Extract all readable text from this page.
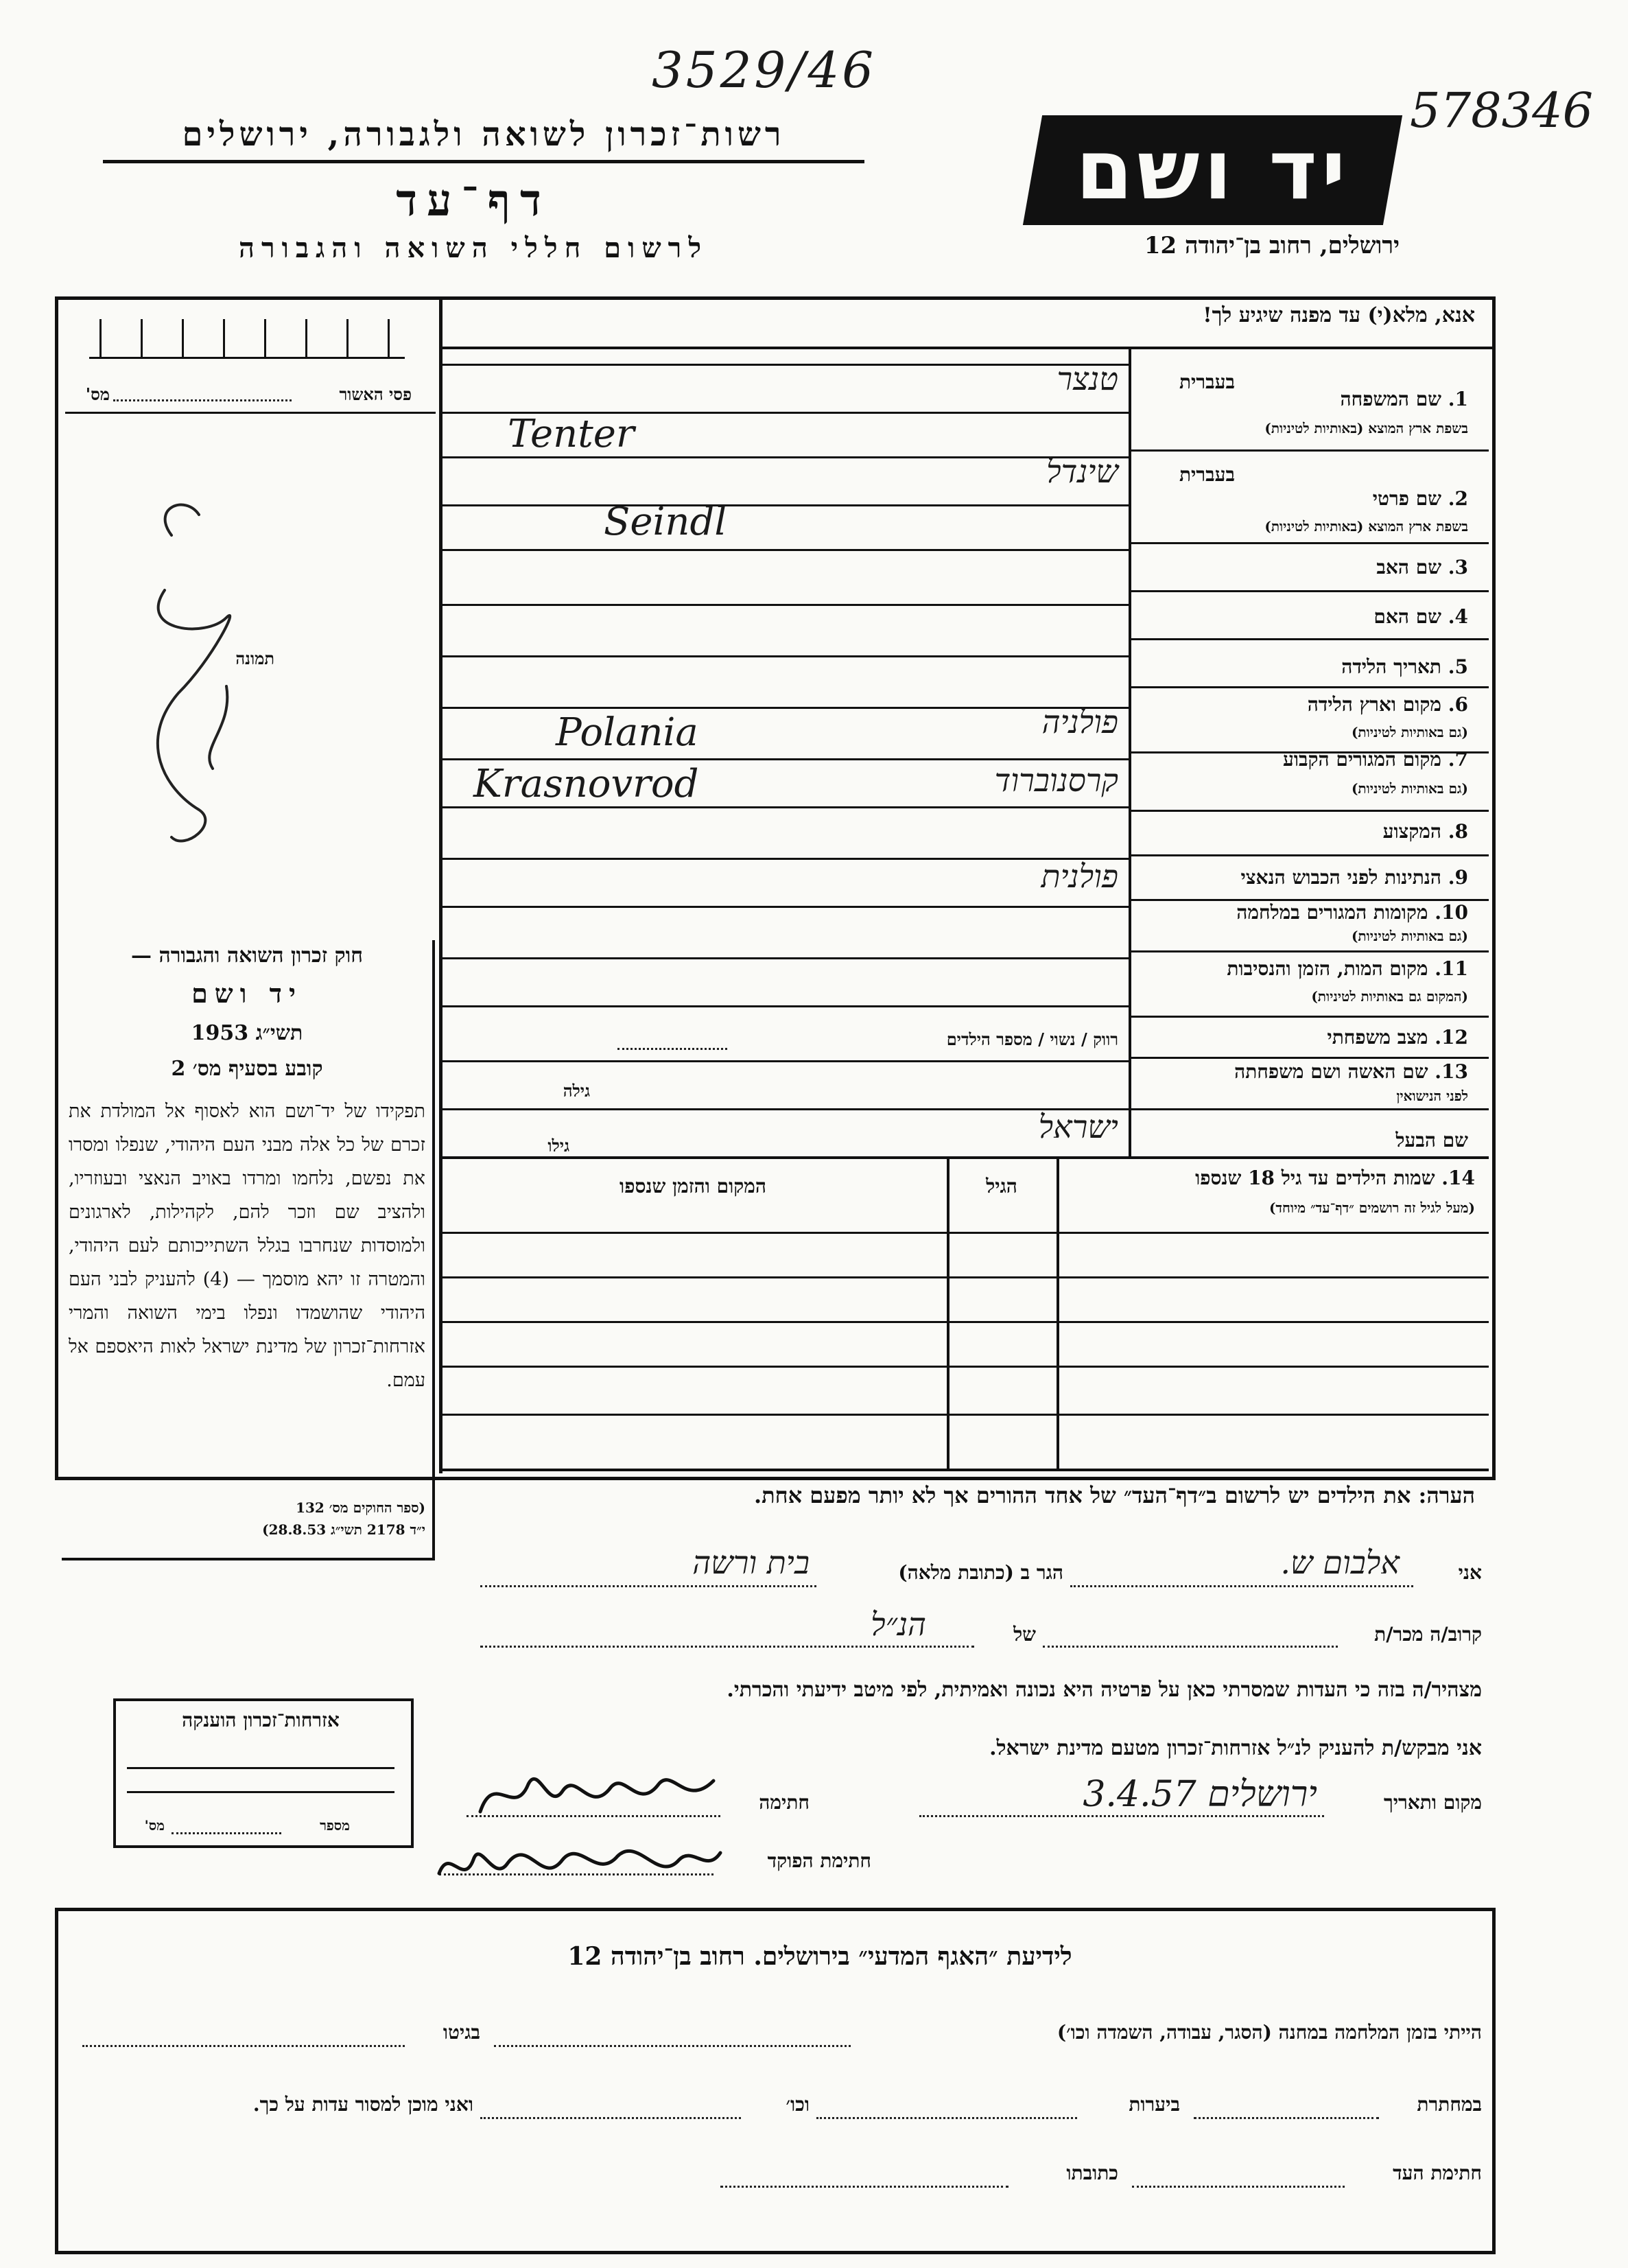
3529/46
578346
רשות־זכרון לשואה ולגבורה, ירושלים
דף־עד
לרשום חללי השואה והגבורה
יד ושם
ירושלים, רחוב בן־יהודה 12
אנא, מלא(י) עד מפנה שיגיע לך!
פסי האשור
מס'
תמונה
1. שם המשפחה
בשפת ארץ המוצא (באותיות לטיניות)
בעברית
2. שם פרטי
בשפת ארץ המוצא (באותיות לטיניות)
בעברית
3. שם האב
4. שם האם
5. תאריך הלידה
6. מקום וארץ הלידה
(גם באותיות לטיניות)
7. מקום המגורים הקבוע
(גם באותיות לטיניות)
8. המקצוע
9. הנתינות לפני הכבוש הנאצי
10. מקומות המגורים במלחמה
(גם באותיות לטיניות)
11. מקום המות, הזמן והנסיבות
(המקום גם באותיות לטיניות)
12. מצב משפחתי
13. שם האשה ושם משפחתה
לפני הנישואין
שם הבעל
טנצר
Tenter
שינדל
Seindl
פולניה
Polania
קרסנוברוד
Krasnovrod
פולנית
רווק / נשוי / מספר הילדים
גילה
גילו
ישראל
14. שמות הילדים עד גיל 18 שנספו
(מעל לגיל זה רושמים ״דף־עד״ מיוחד)
הגיל
המקום והזמן שנספו
הערה: את הילדים יש לרשום ב״דף־העד״ של אחד ההורים אך לא יותר מפעם אחת.
חוק זכרון השואה והגבורה —
יד ושם
תשי״ג 1953
קובע בסעיף מס׳ 2
תפקידו של יד־ושם הוא לאסוף אל המולדת את זכרם של כל אלה מבני העם היהודי, שנפלו ומסרו את נפשם, נלחמו ומרדו באויב הנאצי ובעוזריו, ולהציב שם וזכר להם, לקהילות, לארגונים ולמוסדות שנחרבו בגלל השתייכותם לעם היהודי, והמטרה זו יהא מוסמך — (4) להעניק לבני העם היהודי שהושמדו ונפלו בימי השואה והמרי אזרחות־זכרון של מדינת ישראל לאות היאספם אל עמם.
(ספר החוקים מס׳ 132
י״ד 2178 תשי״ג 28.8.53)
אני
אלבום ש.
הגר ב (כתובת מלאה)
בית ורשה
קרוב/ה מכר/ת
של
הנ״ל
מצהיר/ה בזה כי העדות שמסרתי כאן על פרטיה היא נכונה ואמיתית, לפי מיטב ידיעתי והכרתי.
אני מבקש/ת להעניק לנ״ל אזרחות־זכרון מטעם מדינת ישראל.
מקום ותאריך
ירושלים 3.4.57
חתימה
חתימת הפוקד
אזרחות־זכרון הוענקה
מספר
מס'
לידיעת ״האגף המדעי״ בירושלים. רחוב בן־יהודה 12
הייתי בזמן המלחמה במחנה (הסגר, עבודה, השמדה וכו׳)
בגיטו
במחתרת
ביערות
וכו׳
ואני מוכן למסור עדות על כך.
חתימת העד
כתובתו
